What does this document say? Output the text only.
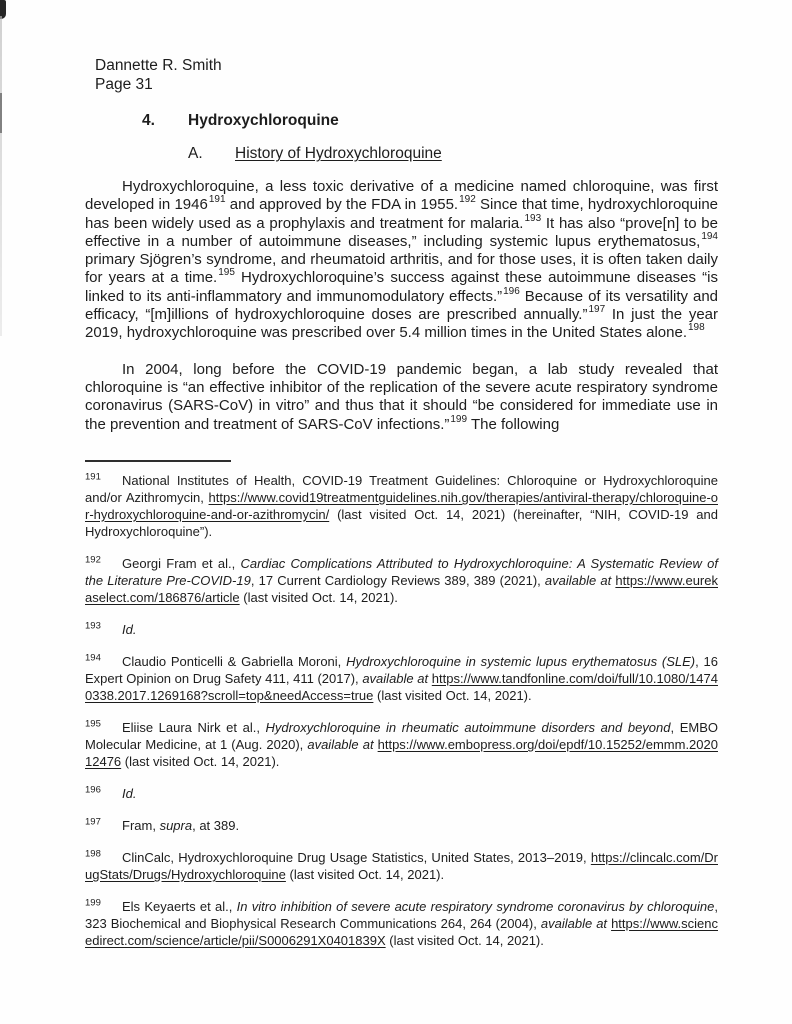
Dannette R. Smith
Page 31
4. Hydroxychloroquine
A. History of Hydroxychloroquine

Hydroxychloroquine, a less toxic derivative of a medicine named chloroquine, was first developed in 1946$^{191}$ and approved by the FDA in 1955.$^{192}$ Since that time, hydroxychloroquine has been widely used as a prophylaxis and treatment for malaria.$^{193}$ It has also “prove[n] to be effective in a number of autoimmune diseases,” including systemic lupus erythematosus,$^{194}$ primary Sjögren’s syndrome, and rheumatoid arthritis, and for those uses, it is often taken daily for years at a time.$^{195}$ Hydroxychloroquine’s success against these autoimmune diseases “is linked to its anti-inflammatory and immunomodulatory effects.”$^{196}$ Because of its versatility and efficacy, “[m]illions of hydroxychloroquine doses are prescribed annually.”$^{197}$ In just the year 2019, hydroxychloroquine was prescribed over 5.4 million times in the United States alone.$^{198}$

In 2004, long before the COVID-19 pandemic began, a lab study revealed that chloroquine is “an effective inhibitor of the replication of the severe acute respiratory syndrome coronavirus (SARS-CoV) in vitro” and thus that it should “be considered for immediate use in the prevention and treatment of SARS-CoV infections.”$^{199}$ The following

$^{191}$ National Institutes of Health, COVID-19 Treatment Guidelines: Chloroquine or Hydroxychloroquine and/or Azithromycin, https://www.covid19treatmentguidelines.nih.gov/therapies/antiviral-therapy/chloroquine-or-hydroxychloroquine-and-or-azithromycin/ (last visited Oct. 14, 2021) (hereinafter, “NIH, COVID-19 and Hydroxychloroquine”).
$^{192}$ Georgi Fram et al., Cardiac Complications Attributed to Hydroxychloroquine: A Systematic Review of the Literature Pre-COVID-19, 17 Current Cardiology Reviews 389, 389 (2021), available at https://www.eurekaselect.com/186876/article (last visited Oct. 14, 2021).
$^{193}$ Id.
$^{194}$ Claudio Ponticelli & Gabriella Moroni, Hydroxychloroquine in systemic lupus erythematosus (SLE), 16 Expert Opinion on Drug Safety 411, 411 (2017), available at https://www.tandfonline.com/doi/full/10.1080/14740338.2017.1269168?scroll=top&needAccess=true (last visited Oct. 14, 2021).
$^{195}$ Eliise Laura Nirk et al., Hydroxychloroquine in rheumatic autoimmune disorders and beyond, EMBO Molecular Medicine, at 1 (Aug. 2020), available at https://www.embopress.org/doi/epdf/10.15252/emmm.202012476 (last visited Oct. 14, 2021).
$^{196}$ Id.
$^{197}$ Fram, supra, at 389.
$^{198}$ ClinCalc, Hydroxychloroquine Drug Usage Statistics, United States, 2013–2019, https://clincalc.com/DrugStats/Drugs/Hydroxychloroquine (last visited Oct. 14, 2021).
$^{199}$ Els Keyaerts et al., In vitro inhibition of severe acute respiratory syndrome coronavirus by chloroquine, 323 Biochemical and Biophysical Research Communications 264, 264 (2004), available at https://www.sciencedirect.com/science/article/pii/S0006291X0401839X (last visited Oct. 14, 2021).
